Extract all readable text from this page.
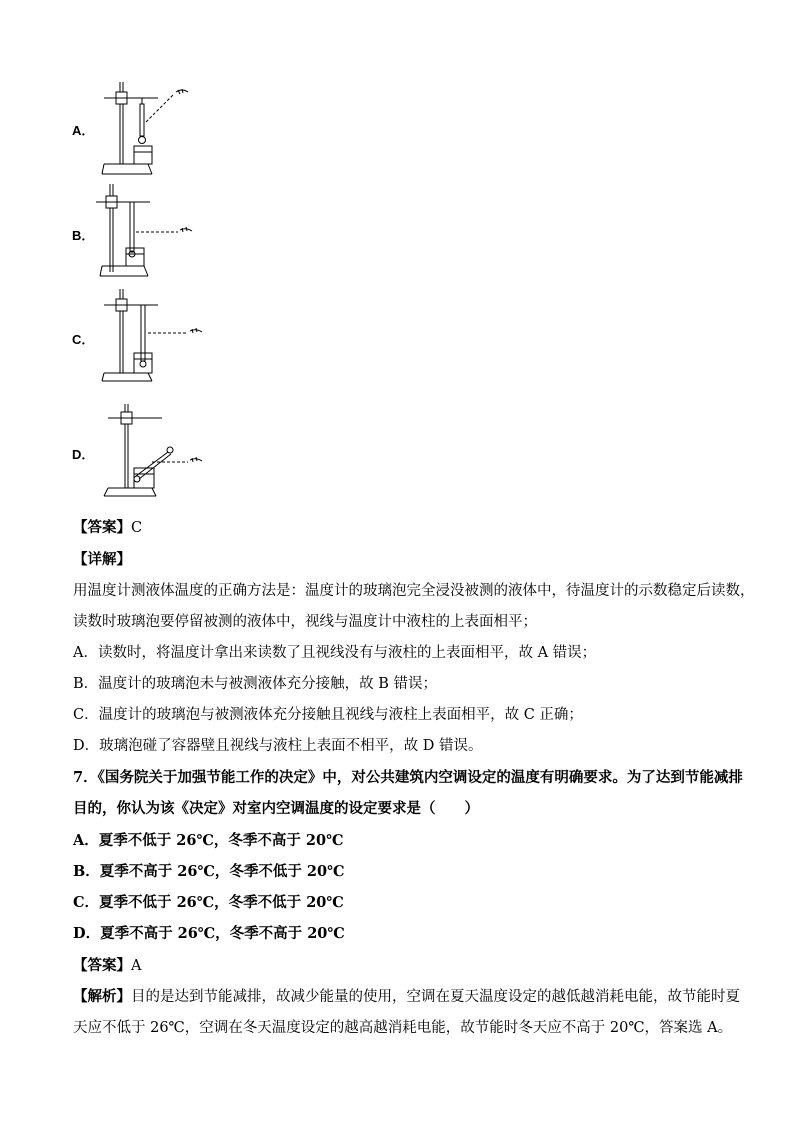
A．
B．
C．
D．
【答案】C
【详解】
用温度计测液体温度的正确方法是：温度计的玻璃泡完全浸没被测的液体中，待温度计的示数稳定后读数，
读数时玻璃泡要停留被测的液体中，视线与温度计中液柱的上表面相平；
A．读数时，将温度计拿出来读数了且视线没有与液柱的上表面相平，故 A 错误；
B．温度计的玻璃泡未与被测液体充分接触，故 B 错误；
C．温度计的玻璃泡与被测液体充分接触且视线与液柱上表面相平，故 C 正确；
D．玻璃泡碰了容器壁且视线与液柱上表面不相平，故 D 错误。
7．《国务院关于加强节能工作的决定》中，对公共建筑内空调设定的温度有明确要求。为了达到节能减排
目的，你认为该《决定》对室内空调温度的设定要求是（　　）
A．夏季不低于 26℃，冬季不高于 20℃
B．夏季不高于 26℃，冬季不低于 20℃
C．夏季不低于 26℃，冬季不低于 20℃
D．夏季不高于 26℃，冬季不高于 20℃
【答案】A
【解析】目的是达到节能减排，故减少能量的使用，空调在夏天温度设定的越低越消耗电能，故节能时夏
天应不低于 26℃，空调在冬天温度设定的越高越消耗电能，故节能时冬天应不高于 20℃，答案选 A。
